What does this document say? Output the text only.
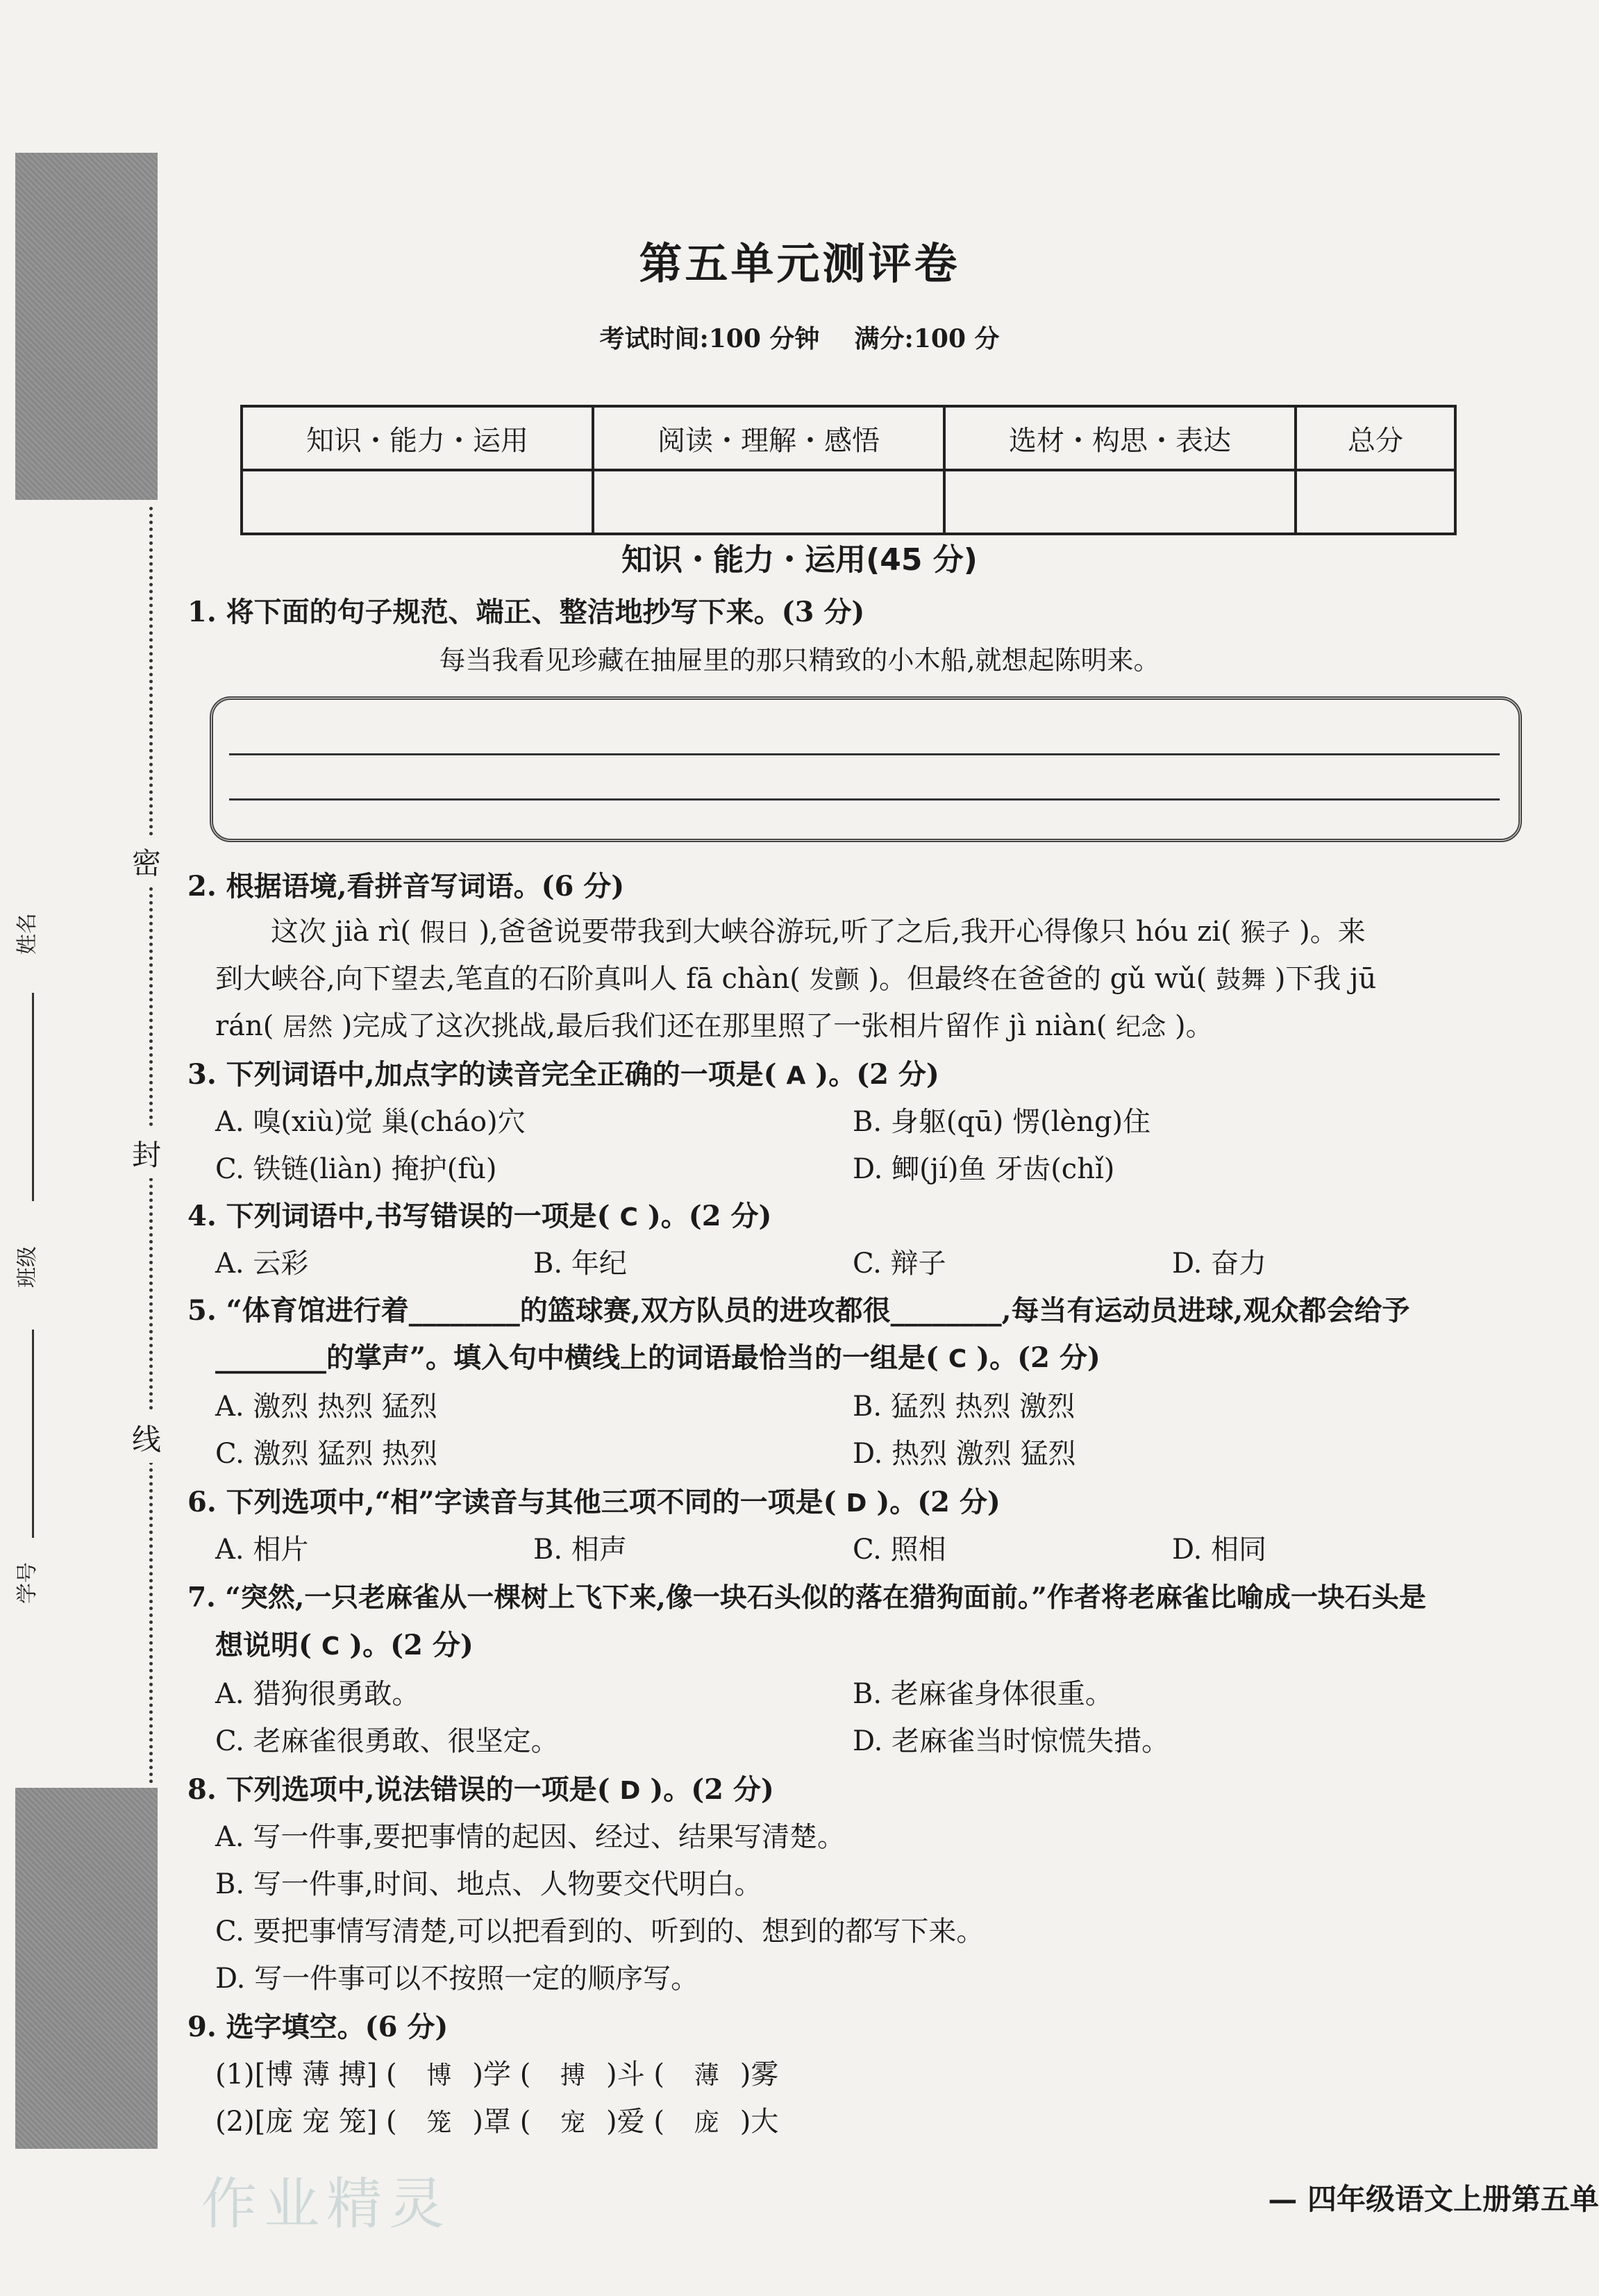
密
封
线
姓名
班级
学号
第五单元测评卷
考试时间:100 分钟    满分:100 分
知识・能力・运用	阅读・理解・感悟	选材・构思・表达	总分

知识・能力・运用(45 分)
1. 将下面的句子规范、端正、整洁地抄写下来。(3 分)
每当我看见珍藏在抽屉里的那只精致的小木船,就想起陈明来。
2. 根据语境,看拼音写词语。(6 分)
这次 jià rì( 假日 ),爸爸说要带我到大峡谷游玩,听了之后,我开心得像只 hóu zi( 猴子 )。来
到大峡谷,向下望去,笔直的石阶真叫人 fā chàn( 发颤 )。但最终在爸爸的 gǔ wǔ( 鼓舞 )下我 jū
rán( 居然 )完成了这次挑战,最后我们还在那里照了一张相片留作 jì niàn( 纪念 )。
3. 下列词语中,加点字的读音完全正确的一项是( A )。(2 分)
A. 嗅(xiù)觉 巢(cháo)穴	B. 身躯(qū) 愣(lèng)住
C. 铁链(liàn) 掩护(fù)	D. 鲫(jí)鱼 牙齿(chǐ)
4. 下列词语中,书写错误的一项是( C )。(2 分)
A. 云彩	B. 年纪	C. 辩子	D. 奋力
5. “体育馆进行着________的篮球赛,双方队员的进攻都很________,每当有运动员进球,观众都会给予
________的掌声”。填入句中横线上的词语最恰当的一组是( C )。(2 分)
A. 激烈 热烈 猛烈	B. 猛烈 热烈 激烈
C. 激烈 猛烈 热烈	D. 热烈 激烈 猛烈
6. 下列选项中,“相”字读音与其他三项不同的一项是( D )。(2 分)
A. 相片	B. 相声	C. 照相	D. 相同
7. “突然,一只老麻雀从一棵树上飞下来,像一块石头似的落在猎狗面前。”作者将老麻雀比喻成一块石头是
想说明( C )。(2 分)
A. 猎狗很勇敢。	B. 老麻雀身体很重。
C. 老麻雀很勇敢、很坚定。	D. 老麻雀当时惊慌失措。
8. 下列选项中,说法错误的一项是( D )。(2 分)
A. 写一件事,要把事情的起因、经过、结果写清楚。
B. 写一件事,时间、地点、人物要交代明白。
C. 要把事情写清楚,可以把看到的、听到的、想到的都写下来。
D. 写一件事可以不按照一定的顺序写。
9. 选字填空。(6 分)
(1)[博 薄 搏] ( 博 )学 ( 搏 )斗 ( 薄 )雾
(2)[庞 宠 笼] ( 笼 )罩 ( 宠 )爱 ( 庞 )大
作业精灵	— 四年级语文上册第五单
